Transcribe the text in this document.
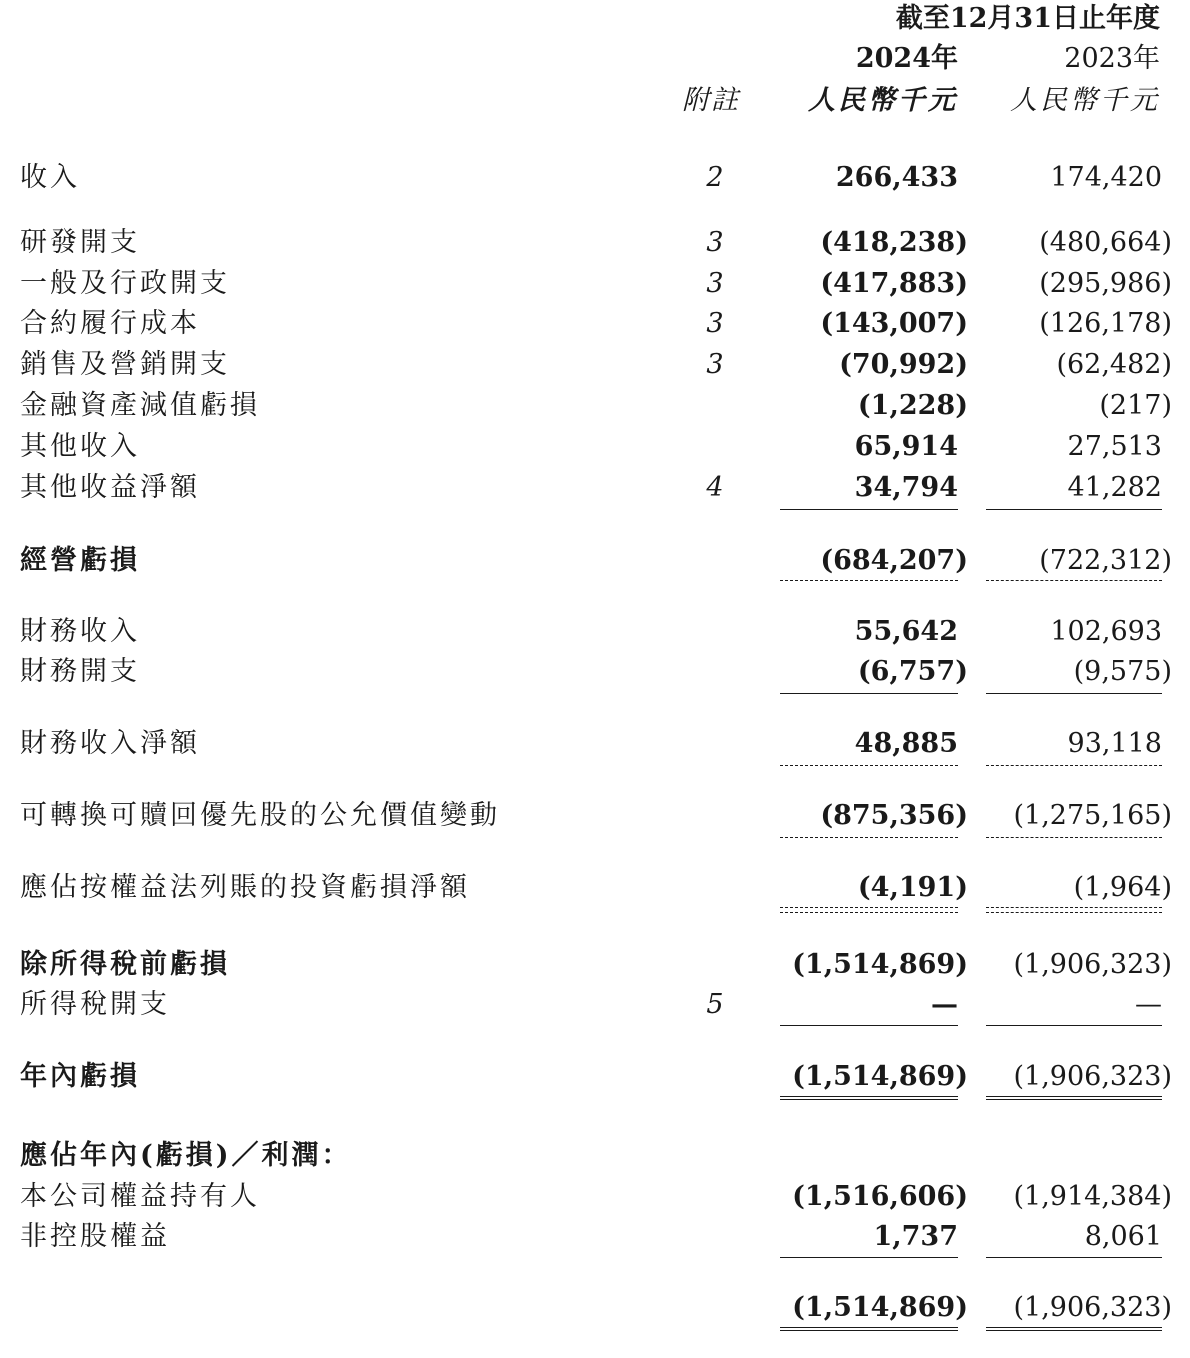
截至12月31日止年度
2024年	2023年
附註	人民幣千元 人民幣千元
收入	2	266,433	174,420
研發開支	3	(418,238)	(480,664)
一般及行政開支	3	(417,883)	(295,986)
合約履行成本	3	(143,007)	(126,178)
銷售及營銷開支	3	(70,992)	(62,482)
金融資產減值虧損	(1,228)	(217)
其他收入	65,914	27,513
其他收益淨額	4	34,794	41,282
經營虧損	(684,207)	(722,312)
財務收入	55,642	102,693
財務開支	(6,757)	(9,575)
財務收入淨額	48,885	93,118
可轉換可贖回優先股的公允價值變動	(875,356) (1,275,165)
應佔按權益法列賬的投資虧損淨額	(4,191)	(1,964)
除所得稅前虧損	(1,514,869) (1,906,323)
所得稅開支	5	—	—
年內虧損	(1,514,869) (1,906,323)
應佔年內(虧損)／利潤：
本公司權益持有人	(1,516,606) (1,914,384)
非控股權益	1,737	8,061
(1,514,869) (1,906,323)
